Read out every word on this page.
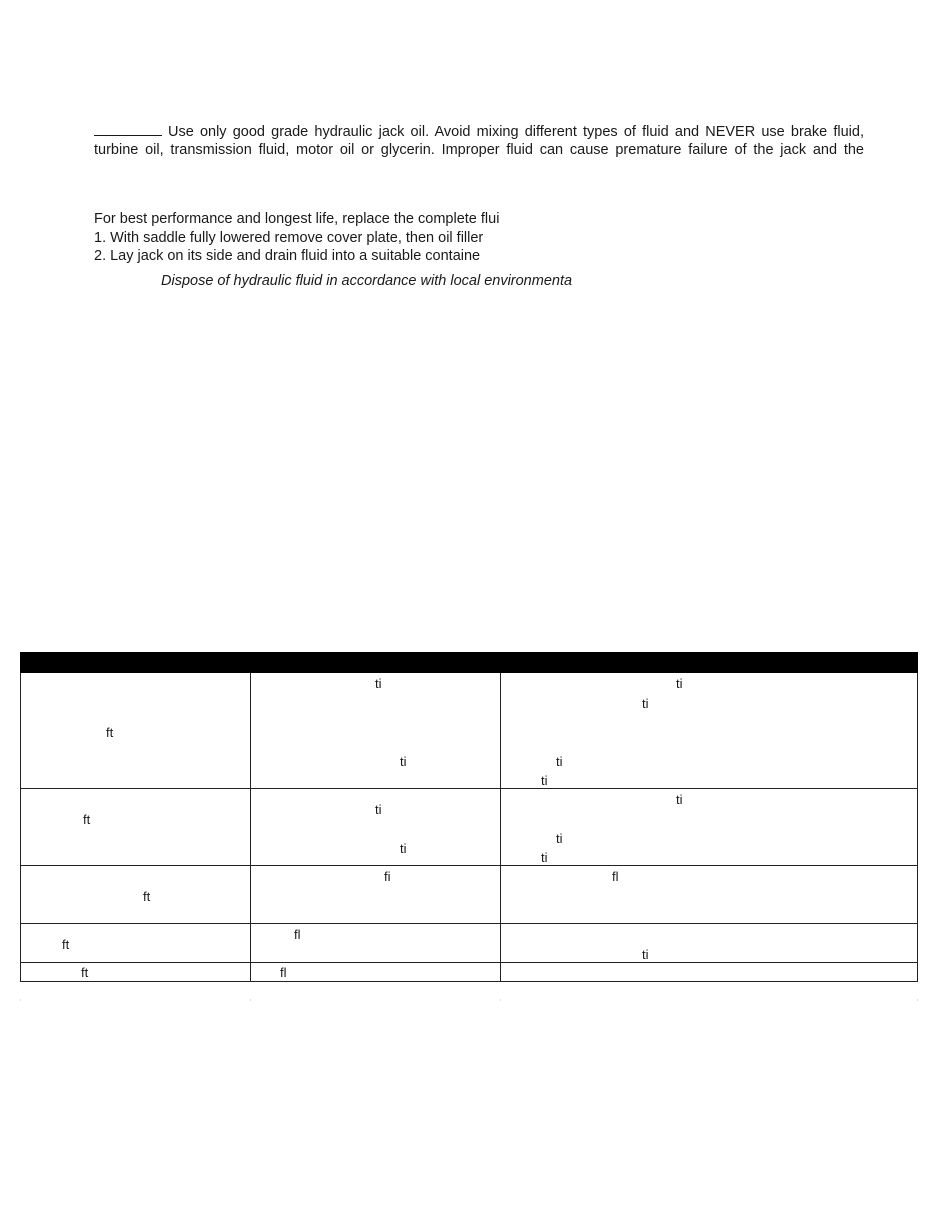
Use only good grade hydraulic jack oil. Avoid mixing different types of fluid and NEVER use brake fluid,
turbine oil, transmission fluid, motor oil or glycerin. Improper fluid can cause premature failure of the jack and the
For best performance and longest life, replace the complete flui
1. With saddle fully lowered remove cover plate, then oil filler
2. Lay jack on its side and drain fluid into a suitable containe
Dispose of hydraulic fluid in accordance with local environmenta
ft
ti
ti
ti
ti
ti
ti
ft
ti
ti
ti
ti
ti
ft
fi	fl
ft
fl
ti
ft	fl
